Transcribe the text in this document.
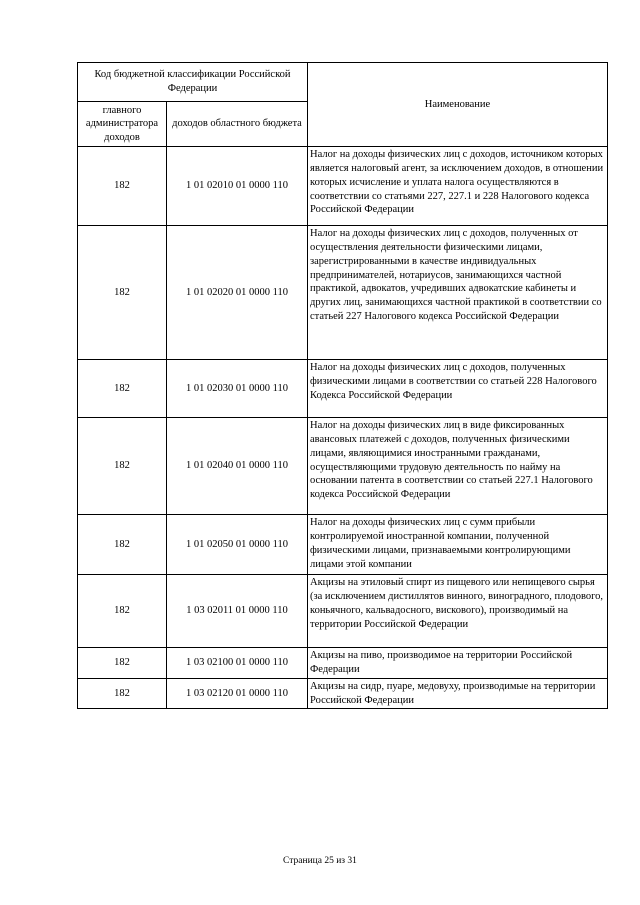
Код бюджетной классификации Российской Федерации		Наименование
главного администратора доходов	доходов областного бюджета	
182	1 01 02010 01 0000 110	Налог на доходы физических лиц с доходов, источником которых является налоговый агент, за исключением доходов, в отношении которых исчисление и уплата налога осуществляются в соответствии со статьями 227, 227.1 и 228 Налогового кодекса Российской Федерации
182	1 01 02020 01 0000 110	Налог на доходы физических лиц с доходов, полученных от осуществления деятельности физическими лицами, зарегистрированными в качестве индивидуальных предпринимателей, нотариусов, занимающихся частной практикой, адвокатов, учредивших адвокатские кабинеты и других лиц, занимающихся частной практикой в соответствии со статьей 227 Налогового кодекса Российской Федерации
182	1 01 02030 01 0000 110	Налог на доходы физических лиц с доходов, полученных физическими лицами в соответствии со статьей 228 Налогового Кодекса Российской Федерации
182	1 01 02040 01 0000 110	Налог на доходы физических лиц в виде фиксированных авансовых платежей с доходов, полученных физическими лицами, являющимися иностранными гражданами, осуществляющими трудовую деятельность по найму на основании патента в соответствии со статьей 227.1 Налогового кодекса Российской Федерации
182	1 01 02050 01 0000 110	Налог на доходы физических лиц с сумм прибыли контролируемой иностранной компании, полученной физическими лицами, признаваемыми контролирующими лицами этой компании
182	1 03 02011 01 0000 110	Акцизы на этиловый спирт из пищевого или непищевого сырья (за исключением дистиллятов винного, виноградного, плодового, коньячного, кальвадосного, вискового), производимый на территории Российской Федерации
182	1 03 02100 01 0000 110	Акцизы на пиво, производимое на территории Российской Федерации
182	1 03 02120 01 0000 110	Акцизы на сидр, пуаре, медовуху, производимые на территории Российской Федерации
Страница 25 из 31
